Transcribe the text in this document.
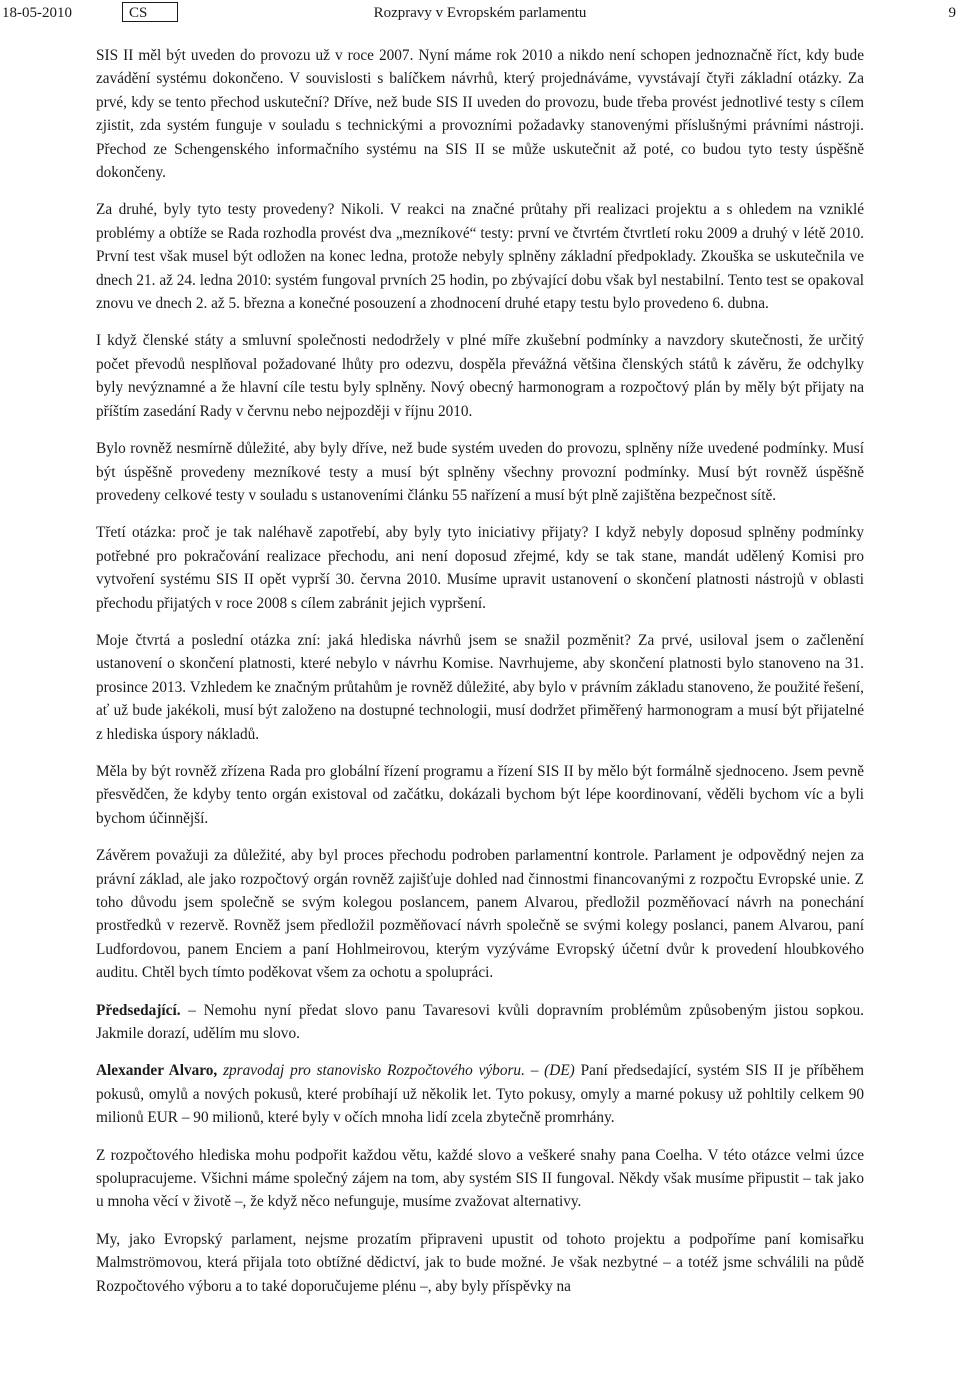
18-05-2010	CS	Rozpravy v Evropském parlamentu	9

SIS II měl být uveden do provozu už v roce 2007. Nyní máme rok 2010 a nikdo není schopen jednoznačně říct, kdy bude zavádění systému dokončeno. V souvislosti s balíčkem návrhů, který projednáváme, vyvstávají čtyři základní otázky. Za prvé, kdy se tento přechod uskuteční? Dříve, než bude SIS II uveden do provozu, bude třeba provést jednotlivé testy s cílem zjistit, zda systém funguje v souladu s technickými a provozními požadavky stanovenými příslušnými právními nástroji. Přechod ze Schengenského informačního systému na SIS II se může uskutečnit až poté, co budou tyto testy úspěšně dokončeny.

Za druhé, byly tyto testy provedeny? Nikoli. V reakci na značné průtahy při realizaci projektu a s ohledem na vzniklé problémy a obtíže se Rada rozhodla provést dva „mezníkové“ testy: první ve čtvrtém čtvrtletí roku 2009 a druhý v létě 2010. První test však musel být odložen na konec ledna, protože nebyly splněny základní předpoklady. Zkouška se uskutečnila ve dnech 21. až 24. ledna 2010: systém fungoval prvních 25 hodin, po zbývající dobu však byl nestabilní. Tento test se opakoval znovu ve dnech 2. až 5. března a konečné posouzení a zhodnocení druhé etapy testu bylo provedeno 6. dubna.

I když členské státy a smluvní společnosti nedodržely v plné míře zkušební podmínky a navzdory skutečnosti, že určitý počet převodů nesplňoval požadované lhůty pro odezvu, dospěla převážná většina členských států k závěru, že odchylky byly nevýznamné a že hlavní cíle testu byly splněny. Nový obecný harmonogram a rozpočtový plán by měly být přijaty na příštím zasedání Rady v červnu nebo nejpozději v říjnu 2010.

Bylo rovněž nesmírně důležité, aby byly dříve, než bude systém uveden do provozu, splněny níže uvedené podmínky. Musí být úspěšně provedeny mezníkové testy a musí být splněny všechny provozní podmínky. Musí být rovněž úspěšně provedeny celkové testy v souladu s ustanoveními článku 55 nařízení a musí být plně zajištěna bezpečnost sítě.

Třetí otázka: proč je tak naléhavě zapotřebí, aby byly tyto iniciativy přijaty? I když nebyly doposud splněny podmínky potřebné pro pokračování realizace přechodu, ani není doposud zřejmé, kdy se tak stane, mandát udělený Komisi pro vytvoření systému SIS II opět vyprší 30. června 2010. Musíme upravit ustanovení o skončení platnosti nástrojů v oblasti přechodu přijatých v roce 2008 s cílem zabránit jejich vypršení.

Moje čtvrtá a poslední otázka zní: jaká hlediska návrhů jsem se snažil pozměnit? Za prvé, usiloval jsem o začlenění ustanovení o skončení platnosti, které nebylo v návrhu Komise. Navrhujeme, aby skončení platnosti bylo stanoveno na 31. prosince 2013. Vzhledem ke značným průtahům je rovněž důležité, aby bylo v právním základu stanoveno, že použité řešení, ať už bude jakékoli, musí být založeno na dostupné technologii, musí dodržet přiměřený harmonogram a musí být přijatelné z hlediska úspory nákladů.

Měla by být rovněž zřízena Rada pro globální řízení programu a řízení SIS II by mělo být formálně sjednoceno. Jsem pevně přesvědčen, že kdyby tento orgán existoval od začátku, dokázali bychom být lépe koordinovaní, věděli bychom víc a byli bychom účinnější.

Závěrem považuji za důležité, aby byl proces přechodu podroben parlamentní kontrole. Parlament je odpovědný nejen za právní základ, ale jako rozpočtový orgán rovněž zajišťuje dohled nad činnostmi financovanými z rozpočtu Evropské unie. Z toho důvodu jsem společně se svým kolegou poslancem, panem Alvarou, předložil pozměňovací návrh na ponechání prostředků v rezervě. Rovněž jsem předložil pozměňovací návrh společně se svými kolegy poslanci, panem Alvarou, paní Ludfordovou, panem Enciem a paní Hohlmeirovou, kterým vyzýváme Evropský účetní dvůr k provedení hloubkového auditu. Chtěl bych tímto poděkovat všem za ochotu a spolupráci.

Předsedající. – Nemohu nyní předat slovo panu Tavaresovi kvůli dopravním problémům způsobeným jistou sopkou. Jakmile dorazí, udělím mu slovo.

Alexander Alvaro, zpravodaj pro stanovisko Rozpočtového výboru. – (DE) Paní předsedající, systém SIS II je příběhem pokusů, omylů a nových pokusů, které probíhají už několik let. Tyto pokusy, omyly a marné pokusy už pohltily celkem 90 milionů EUR – 90 milionů, které byly v očích mnoha lidí zcela zbytečně promrhány.

Z rozpočtového hlediska mohu podpořit každou větu, každé slovo a veškeré snahy pana Coelha. V této otázce velmi úzce spolupracujeme. Všichni máme společný zájem na tom, aby systém SIS II fungoval. Někdy však musíme připustit – tak jako u mnoha věcí v životě –, že když něco nefunguje, musíme zvažovat alternativy.

My, jako Evropský parlament, nejsme prozatím připraveni upustit od tohoto projektu a podpoříme paní komisařku Malmströmovou, která přijala toto obtížné dědictví, jak to bude možné. Je však nezbytné – a totéž jsme schválili na půdě Rozpočtového výboru a to také doporučujeme plénu –, aby byly příspěvky na
